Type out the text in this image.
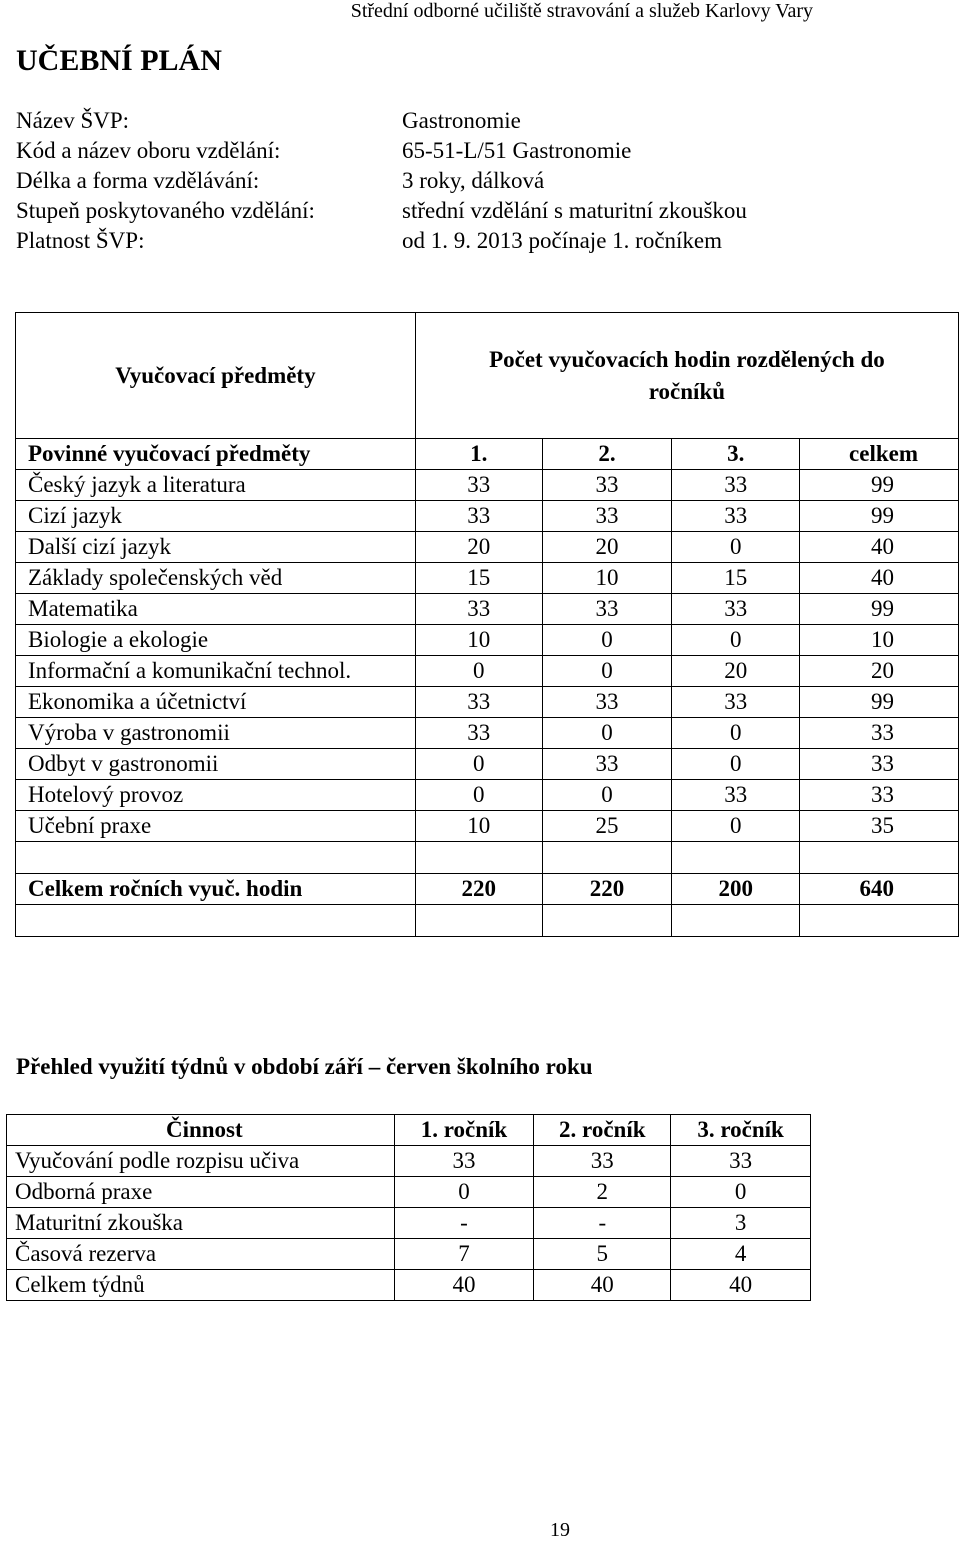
Střední odborné učiliště stravování a služeb Karlovy Vary
UČEBNÍ PLÁN
Název ŠVP:	Gastronomie
Kód a název oboru vzdělání:	65-51-L/51 Gastronomie
Délka a forma vzdělávání:	3 roky, dálková
Stupeň poskytovaného vzdělání:	střední vzdělání s maturitní zkouškou
Platnost ŠVP:	od 1. 9. 2013 počínaje 1. ročníkem
Vyučovací předměty	Počet vyučovacích hodin rozdělených do ročníků			
Povinné vyučovací předměty	1.	2.	3.	celkem
Český jazyk a literatura	33	33	33	99
Cizí jazyk	33	33	33	99
Další cizí jazyk	20	20	0	40
Základy společenských věd	15	10	15	40
Matematika	33	33	33	99
Biologie a ekologie	10	0	0	10
Informační a komunikační technol.	0	0	20	20
Ekonomika a účetnictví	33	33	33	99
Výroba v gastronomii	33	0	0	33
Odbyt v gastronomii	0	33	0	33
Hotelový provoz	0	0	33	33
Učební praxe	10	25	0	35

Celkem ročních vyuč. hodin	220	220	200	640

Přehled využití týdnů v období září – červen školního roku
Činnost	1. ročník	2. ročník	3. ročník
Vyučování podle rozpisu učiva	33	33	33
Odborná praxe	0	2	0
Maturitní zkouška	-	-	3
Časová rezerva	7	5	4
Celkem týdnů	40	40	40
19
